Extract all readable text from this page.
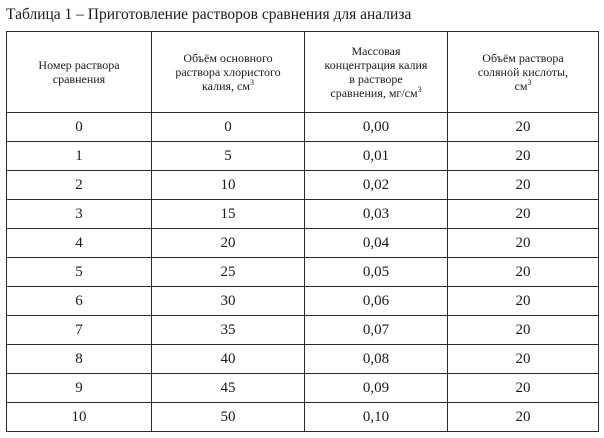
Таблица 1 – Приготовление растворов сравнения для анализа
Номер раствора
сравнения	Объём основного
раствора хлористого
калия, $см^3$	Массовая
концентрация калия
в растворе
сравнения, $мг/см^3$	Объём раствора
соляной кислоты,
$см^3$
0	0	0,00	20
1	5	0,01	20
2	10	0,02	20
3	15	0,03	20
4	20	0,04	20
5	25	0,05	20
6	30	0,06	20
7	35	0,07	20
8	40	0,08	20
9	45	0,09	20
10	50	0,10	20
